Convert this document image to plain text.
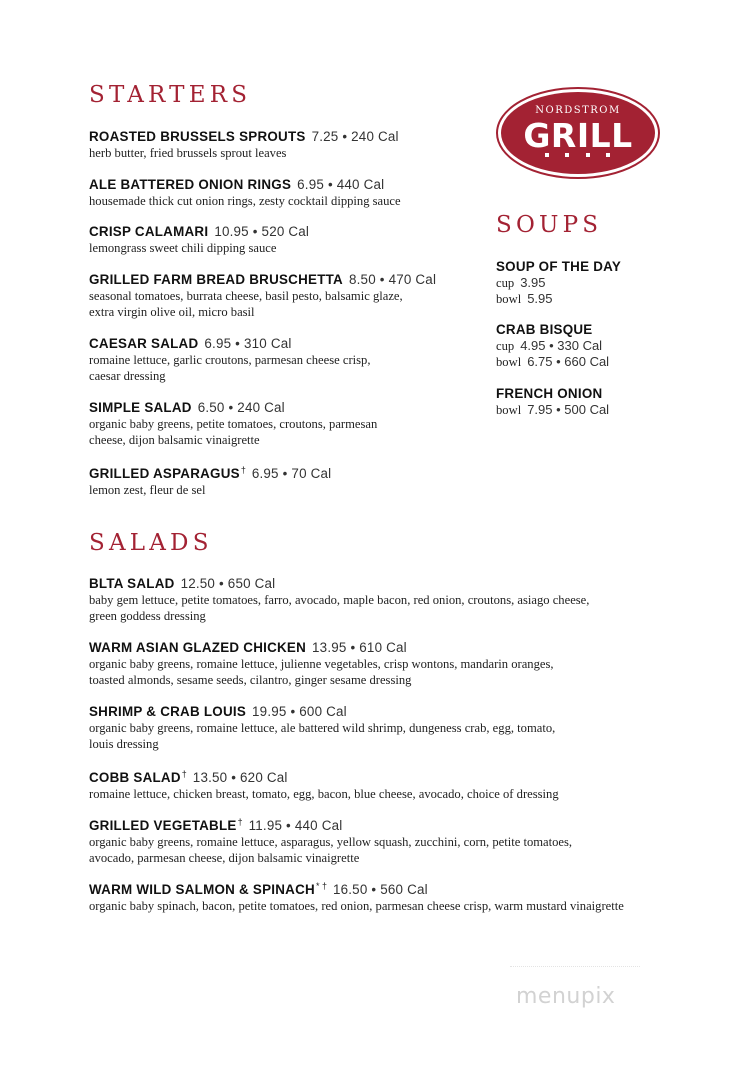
STARTERS
ROASTED BRUSSELS SPROUTS 7.25 • 240 Cal
herb butter, fried brussels sprout leaves
ALE BATTERED ONION RINGS 6.95 • 440 Cal
housemade thick cut onion rings, zesty cocktail dipping sauce
CRISP CALAMARI 10.95 • 520 Cal
lemongrass sweet chili dipping sauce
GRILLED FARM BREAD BRUSCHETTA 8.50 • 470 Cal
seasonal tomatoes, burrata cheese, basil pesto, balsamic glaze,
extra virgin olive oil, micro basil
CAESAR SALAD 6.95 • 310 Cal
romaine lettuce, garlic croutons, parmesan cheese crisp,
caesar dressing
SIMPLE SALAD 6.50 • 240 Cal
organic baby greens, petite tomatoes, croutons, parmesan
cheese, dijon balsamic vinaigrette
GRILLED ASPARAGUS† 6.95 • 70 Cal
lemon zest, fleur de sel
SALADS
BLTA SALAD 12.50 • 650 Cal
baby gem lettuce, petite tomatoes, farro, avocado, maple bacon, red onion, croutons, asiago cheese,
green goddess dressing
WARM ASIAN GLAZED CHICKEN 13.95 • 610 Cal
organic baby greens, romaine lettuce, julienne vegetables, crisp wontons, mandarin oranges,
toasted almonds, sesame seeds, cilantro, ginger sesame dressing
SHRIMP & CRAB LOUIS 19.95 • 600 Cal
organic baby greens, romaine lettuce, ale battered wild shrimp, dungeness crab, egg, tomato,
louis dressing
COBB SALAD† 13.50 • 620 Cal
romaine lettuce, chicken breast, tomato, egg, bacon, blue cheese, avocado, choice of dressing
GRILLED VEGETABLE† 11.95 • 440 Cal
organic baby greens, romaine lettuce, asparagus, yellow squash, zucchini, corn, petite tomatoes,
avocado, parmesan cheese, dijon balsamic vinaigrette
WARM WILD SALMON & SPINACH* † 16.50 • 560 Cal
organic baby spinach, bacon, petite tomatoes, red onion, parmesan cheese crisp, warm mustard vinaigrette
NORDSTROM
GRILL
SOUPS
SOUP OF THE DAY
cup 3.95
bowl 5.95
CRAB BISQUE
cup 4.95 • 330 Cal
bowl 6.75 • 660 Cal
FRENCH ONION
bowl 7.95 • 500 Cal
menupix
